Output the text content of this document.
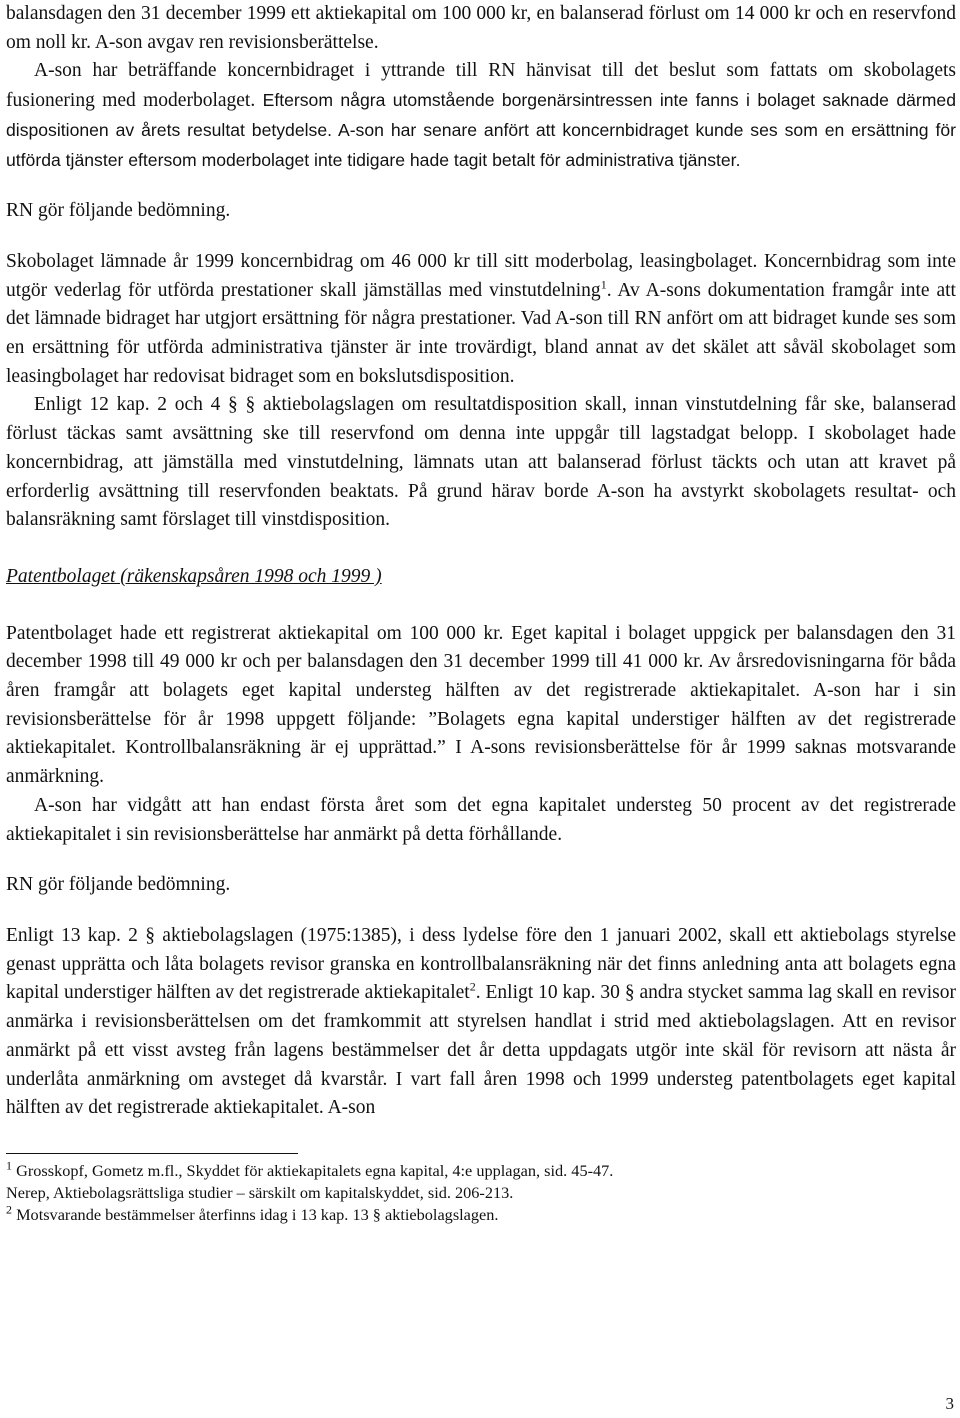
balansdagen den 31 december 1999 ett aktiekapital om 100 000 kr, en balanserad förlust om 14 000 kr och en reservfond om noll kr. A-son avgav ren revisionsberättelse.

A-son har beträffande koncernbidraget i yttrande till RN hänvisat till det beslut som fattats om skobolagets fusionering med moderbolaget. Eftersom några utomstående borgenärsintressen inte fanns i bolaget saknade därmed dispositionen av årets resultat betydelse. A-son har senare anfört att koncernbidraget kunde ses som en ersättning för utförda tjänster eftersom moderbolaget inte tidigare hade tagit betalt för administrativa tjänster.

RN gör följande bedömning.

Skobolaget lämnade år 1999 koncernbidrag om 46 000 kr till sitt moderbolag, leasingbolaget. Koncernbidrag som inte utgör vederlag för utförda prestationer skall jämställas med vinstutdelning$^1$. Av A-sons dokumentation framgår inte att det lämnade bidraget har utgjort ersättning för några prestationer. Vad A-son till RN anfört om att bidraget kunde ses som en ersättning för utförda administrativa tjänster är inte trovärdigt, bland annat av det skälet att såväl skobolaget som leasingbolaget har redovisat bidraget som en bokslutsdisposition.

Enligt 12 kap. 2 och 4 § § aktiebolagslagen om resultatdisposition skall, innan vinstutdelning får ske, balanserad förlust täckas samt avsättning ske till reservfond om denna inte uppgår till lagstadgat belopp. I skobolaget hade koncernbidrag, att jämställa med vinstutdelning, lämnats utan att balanserad förlust täckts och utan att kravet på erforderlig avsättning till reservfonden beaktats. På grund härav borde A-son ha avstyrkt skobolagets resultat- och balansräkning samt förslaget till vinstdisposition.

Patentbolaget (räkenskapsåren 1998 och 1999 )

Patentbolaget hade ett registrerat aktiekapital om 100 000 kr. Eget kapital i bolaget uppgick per balansdagen den 31 december 1998 till 49 000 kr och per balansdagen den 31 december 1999 till 41 000 kr. Av årsredovisningarna för båda åren framgår att bolagets eget kapital understeg hälften av det registrerade aktiekapitalet. A-son har i sin revisionsberättelse för år 1998 uppgett följande: ”Bolagets egna kapital understiger hälften av det registrerade aktiekapitalet. Kontrollbalansräkning är ej upprättad.” I A-sons revisionsberättelse för år 1999 saknas motsvarande anmärkning.

A-son har vidgått att han endast första året som det egna kapitalet understeg 50 procent av det registrerade aktiekapitalet i sin revisionsberättelse har anmärkt på detta förhållande.

RN gör följande bedömning.

Enligt 13 kap. 2 § aktiebolagslagen (1975:1385), i dess lydelse före den 1 januari 2002, skall ett aktiebolags styrelse genast upprätta och låta bolagets revisor granska en kontrollbalansräkning när det finns anledning anta att bolagets egna kapital understiger hälften av det registrerade aktiekapitalet$^2$. Enligt 10 kap. 30 § andra stycket samma lag skall en revisor anmärka i revisionsberättelsen om det framkommit att styrelsen handlat i strid med aktiebolagslagen. Att en revisor anmärkt på ett visst avsteg från lagens bestämmelser det år detta uppdagats utgör inte skäl för revisorn att nästa år underlåta anmärkning om avsteget då kvarstår. I vart fall åren 1998 och 1999 understeg patentbolagets eget kapital hälften av det registrerade aktiekapitalet. A-son

$^1$ Grosskopf, Gometz m.fl., Skyddet för aktiekapitalets egna kapital, 4:e upplagan, sid. 45-47.

Nerep, Aktiebolagsrättsliga studier – särskilt om kapitalskyddet, sid. 206-213.

$^2$ Motsvarande bestämmelser återfinns idag i 13 kap. 13 § aktiebolagslagen.

3
